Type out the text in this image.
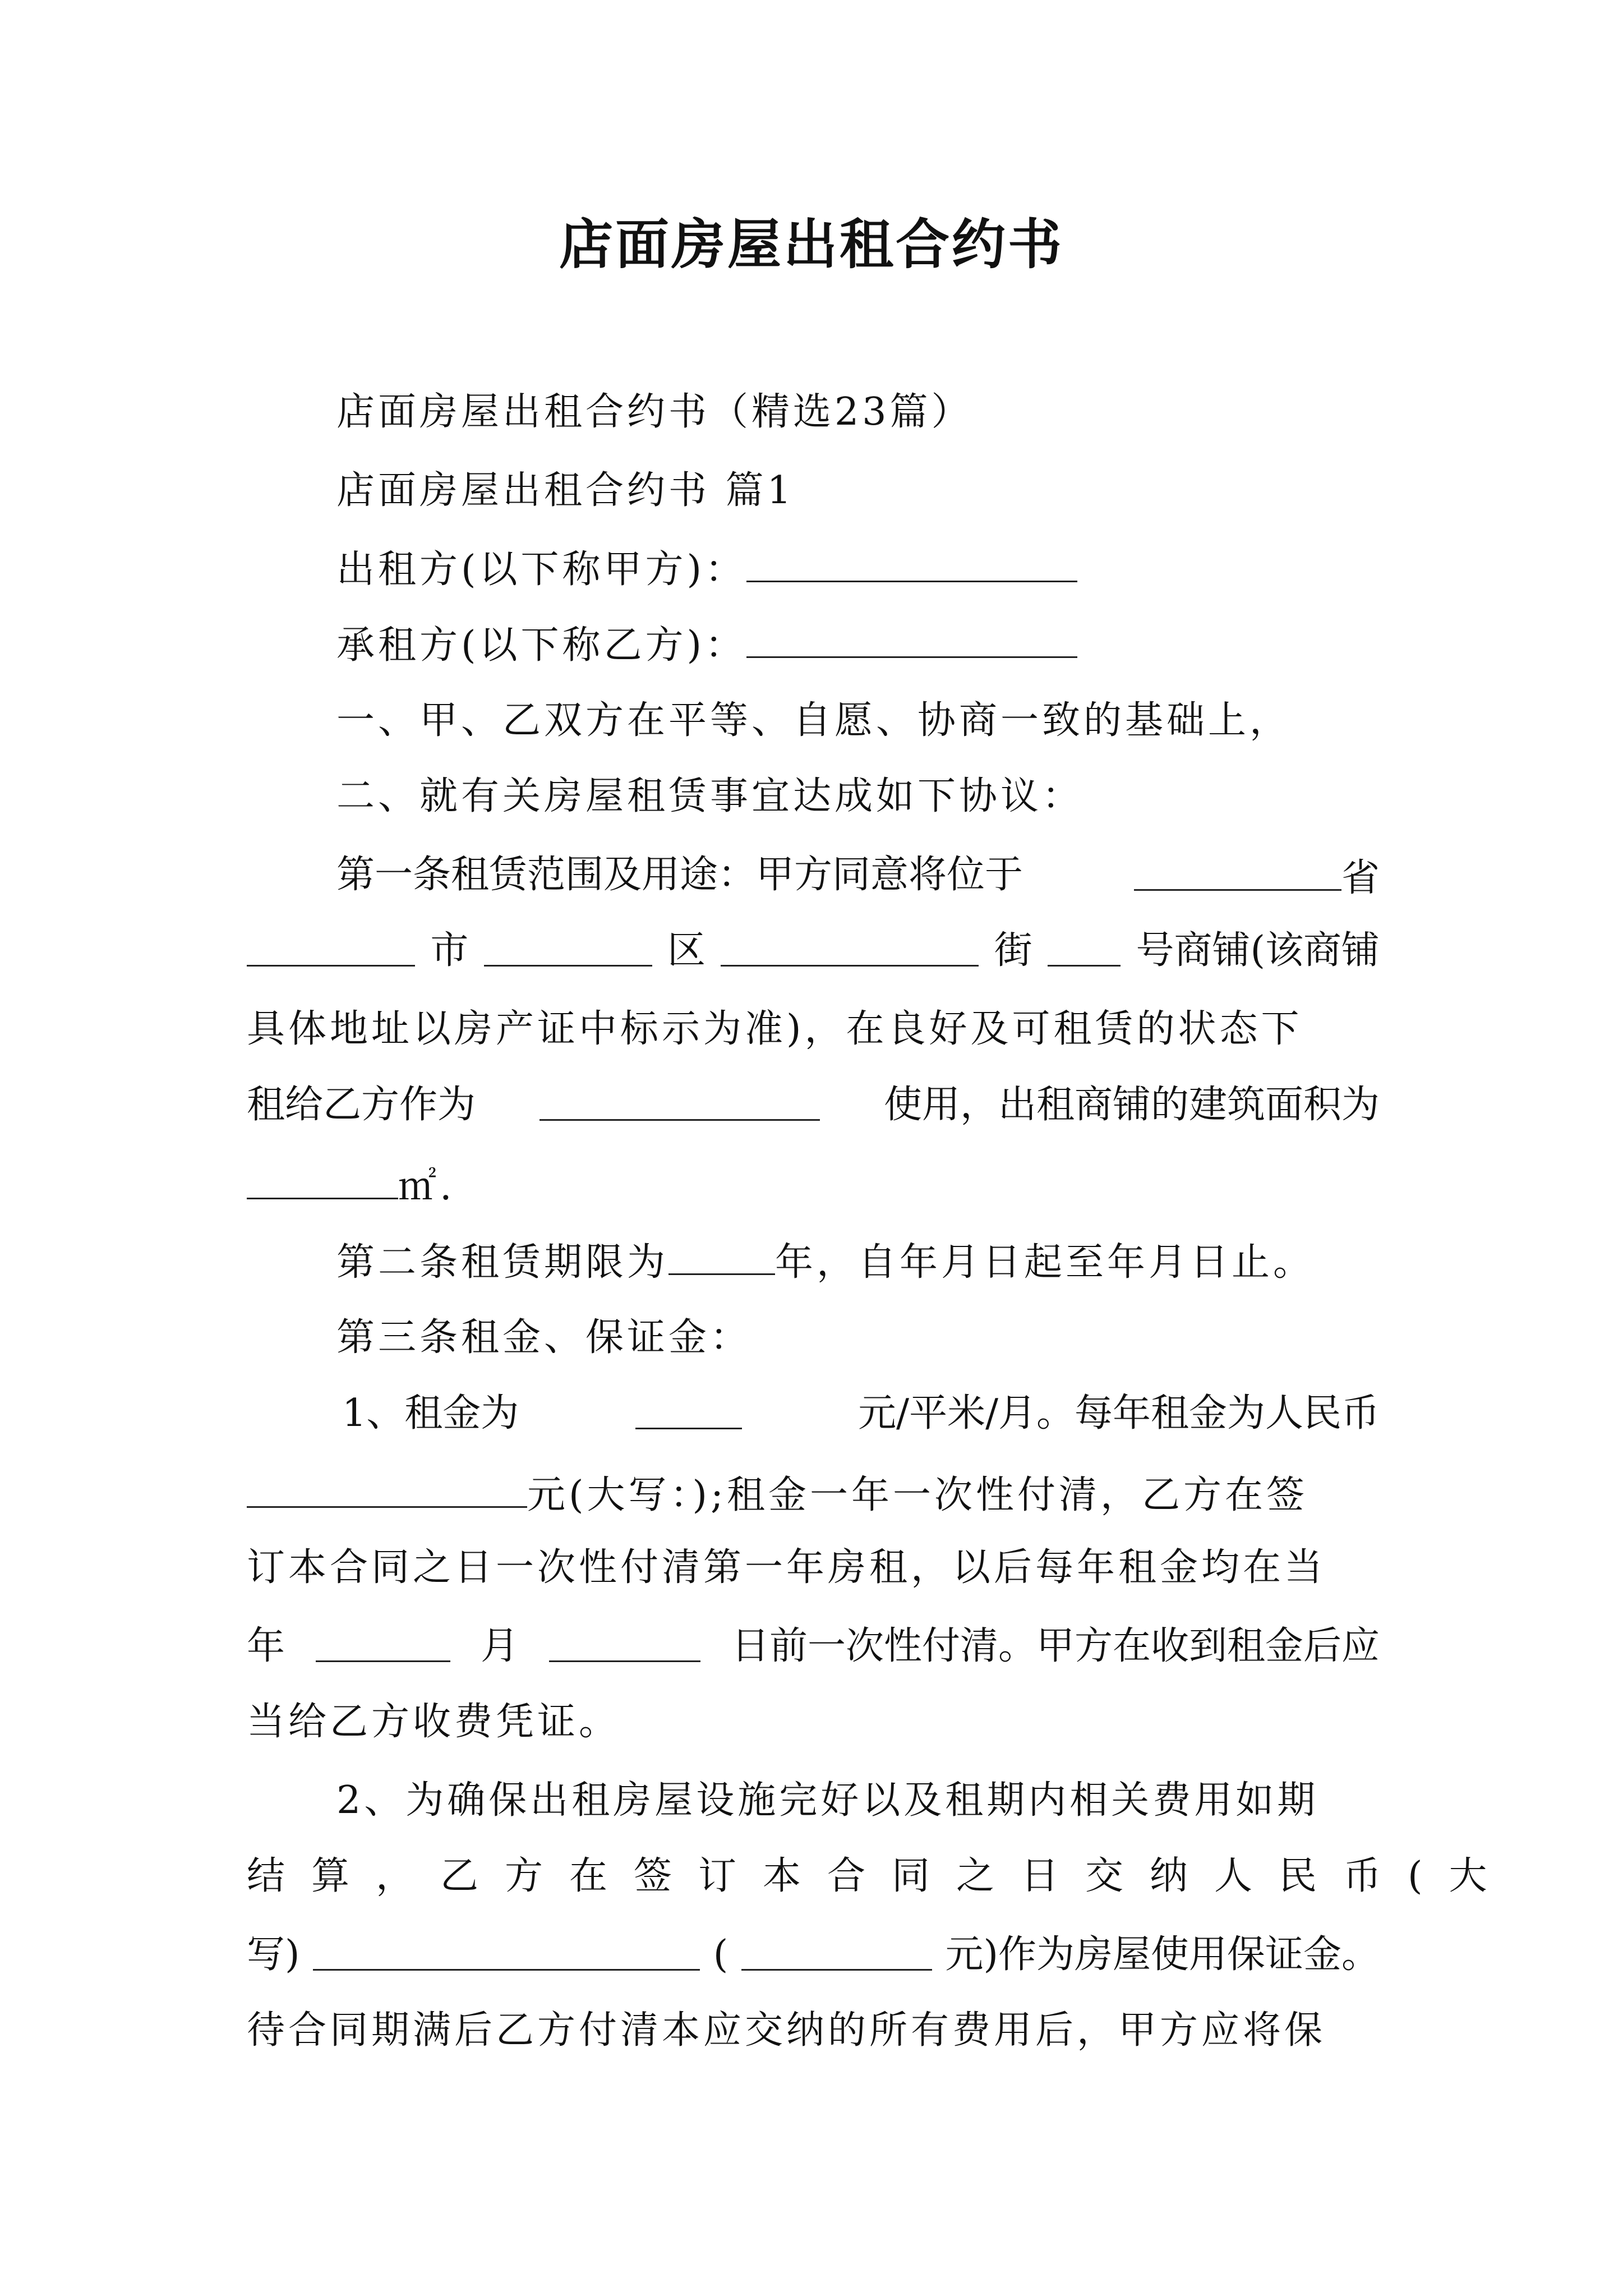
店面房屋出租合约书
店面房屋出租合约书（精选23篇）
店面房屋出租合约书 篇1
出租方(以下称甲方)：
承租方(以下称乙方)：
一、甲、乙双方在平等、自愿、协商一致的基础上，
二、就有关房屋租赁事宜达成如下协议：
第一条租赁范围及用途：甲方同意将位于	省
市	区	街	号商铺(该商铺
具体地址以房产证中标示为准)，在良好及可租赁的状态下
租给乙方作为	使用，出租商铺的建筑面积为
㎡.
第二条租赁期限为	年，自年月日起至年月日止。
第三条租金、保证金：
1、租金为	元/平米/月。每年租金为人民币
元(大写：);租金一年一次性付清，乙方在签
订本合同之日一次性付清第一年房租，以后每年租金均在当
年	月	日前一次性付清。甲方在收到租金后应
当给乙方收费凭证。
2、为确保出租房屋设施完好以及租期内相关费用如期
结算，乙方在签订本合同之日交纳人民币(大
写)	(	元)作为房屋使用保证金。
待合同期满后乙方付清本应交纳的所有费用后，甲方应将保
